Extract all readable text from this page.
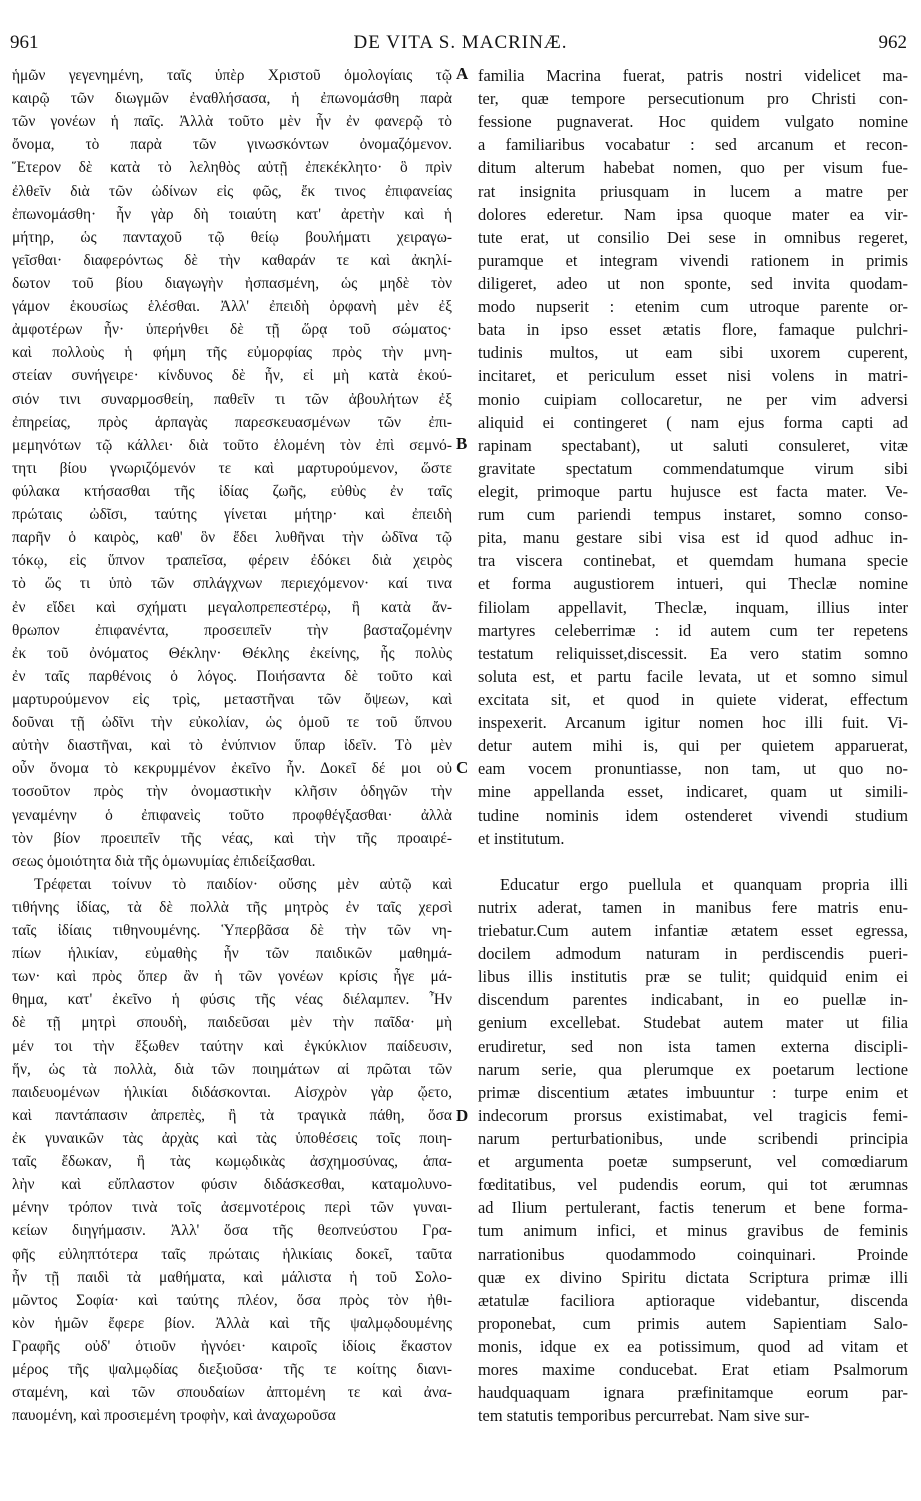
961	DE VITA S. MACRINÆ.	962
ἡμῶν γεγενημένη, ταῖς ὑπὲρ Χριστοῦ ὁμολογίαις τῷ
καιρῷ τῶν διωγμῶν ἐναθλήσασα, ἡ ἐπωνομάσθη παρὰ
τῶν γονέων ἡ παῖς. Ἀλλὰ τοῦτο μὲν ἦν ἐν φανερῷ τὸ
ὄνομα, τὸ παρὰ τῶν γινωσκόντων ὀνομαζόμενον.
Ἕτερον δὲ κατὰ τὸ λεληθὸς αὐτῇ ἐπεκέκλητο· ὃ πρὶν
ἐλθεῖν διὰ τῶν ὠδίνων εἰς φῶς, ἔκ τινος ἐπιφανείας
ἐπωνομάσθη· ἦν γὰρ δὴ τοιαύτη κατ' ἀρετὴν καὶ ἡ
μήτηρ, ὡς πανταχοῦ τῷ θείῳ βουλήματι χειραγω-
γεῖσθαι· διαφερόντως δὲ τὴν καθαράν τε καὶ ἀκηλί-
δωτον τοῦ βίου διαγωγὴν ἠσπασμένη, ὡς μηδὲ τὸν
γάμον ἑκουσίως ἑλέσθαι. Ἀλλ' ἐπειδὴ ὀρφανὴ μὲν ἐξ
ἀμφοτέρων ἦν· ὑπερήνθει δὲ τῇ ὥρᾳ τοῦ σώματος·
καὶ πολλοὺς ἡ φήμη τῆς εὐμορφίας πρὸς τὴν μνη-
στείαν συνήγειρε· κίνδυνος δὲ ἦν, εἰ μὴ κατὰ ἑκού-
σιόν τινι συναρμοσθείη, παθεῖν τι τῶν ἀβουλήτων ἐξ
ἐπηρείας, πρὸς ἁρπαγὰς παρεσκευασμένων τῶν ἐπι-
μεμηνότων τῷ κάλλει· διὰ τοῦτο ἑλομένη τὸν ἐπὶ σεμνό-
τητι βίου γνωριζόμενόν τε καὶ μαρτυρούμενον, ὥστε
φύλακα κτήσασθαι τῆς ἰδίας ζωῆς, εὐθὺς ἐν ταῖς
πρώταις ὠδῖσι, ταύτης γίνεται μήτηρ· καὶ ἐπειδὴ
παρῆν ὁ καιρὸς, καθ' ὃν ἔδει λυθῆναι τὴν ὠδῖνα τῷ
τόκῳ, εἰς ὕπνον τραπεῖσα, φέρειν ἐδόκει διὰ χειρὸς
τὸ ὥς τι ὑπὸ τῶν σπλάγχνων περιεχόμενον· καί τινα
ἐν εἴδει καὶ σχήματι μεγαλοπρεπεστέρῳ, ἢ κατὰ ἄν-
θρωπον ἐπιφανέντα, προσειπεῖν τὴν βασταζομένην
ἐκ τοῦ ὀνόματος Θέκλην· Θέκλης ἐκείνης, ἧς πολὺς
ἐν ταῖς παρθένοις ὁ λόγος. Ποιήσαντα δὲ τοῦτο καὶ
μαρτυρούμενον εἰς τρὶς, μεταστῆναι τῶν ὄψεων, καὶ
δοῦναι τῇ ὠδῖνι τὴν εὐκολίαν, ὡς ὁμοῦ τε τοῦ ὕπνου
αὐτὴν διαστῆναι, καὶ τὸ ἐνύπνιον ὕπαρ ἰδεῖν. Τὸ μὲν
οὖν ὄνομα τὸ κεκρυμμένον ἐκεῖνο ἦν. Δοκεῖ δέ μοι οὐ
τοσοῦτον πρὸς τὴν ὀνομαστικὴν κλῆσιν ὁδηγῶν τὴν
γεναμένην ὁ ἐπιφανεὶς τοῦτο προφθέγξασθαι· ἀλλὰ
τὸν βίον προειπεῖν τῆς νέας, καὶ τὴν τῆς προαιρέ-
σεως ὁμοιότητα διὰ τῆς ὁμωνυμίας ἐπιδείξασθαι.
Τρέφεται τοίνυν τὸ παιδίον· οὔσης μὲν αὐτῷ καὶ
τιθήνης ἰδίας, τὰ δὲ πολλὰ τῆς μητρὸς ἐν ταῖς χερσὶ
ταῖς ἰδίαις τιθηνουμένης. Ὑπερβᾶσα δὲ τὴν τῶν νη-
πίων ἡλικίαν, εὐμαθὴς ἦν τῶν παιδικῶν μαθημά-
των· καὶ πρὸς ὅπερ ἂν ἡ τῶν γονέων κρίσις ἦγε μά-
θημα, κατ' ἐκεῖνο ἡ φύσις τῆς νέας διέλαμπεν. Ἦν
δὲ τῇ μητρὶ σπουδὴ, παιδεῦσαι μὲν τὴν παῖδα· μὴ
μέν τοι τὴν ἔξωθεν ταύτην καὶ ἐγκύκλιον παίδευσιν,
ἥν, ὡς τὰ πολλὰ, διὰ τῶν ποιημάτων αἱ πρῶται τῶν
παιδευομένων ἡλικίαι διδάσκονται. Αἰσχρὸν γὰρ ᾤετο,
καὶ παντάπασιν ἀπρεπὲς, ἢ τὰ τραγικὰ πάθη, ὅσα
ἐκ γυναικῶν τὰς ἀρχὰς καὶ τὰς ὑποθέσεις τοῖς ποιη-
ταῖς ἔδωκαν, ἢ τὰς κωμῳδικὰς ἀσχημοσύνας, ἁπα-
λὴν καὶ εὔπλαστον φύσιν διδάσκεσθαι, καταμολυνο-
μένην τρόπον τινὰ τοῖς ἀσεμνοτέροις περὶ τῶν γυναι-
κείων διηγήμασιν. Ἀλλ' ὅσα τῆς θεοπνεύστου Γρα-
φῆς εὐληπτότερα ταῖς πρώταις ἡλικίαις δοκεῖ, ταῦτα
ἦν τῇ παιδὶ τὰ μαθήματα, καὶ μάλιστα ἡ τοῦ Σολο-
μῶντος Σοφία· καὶ ταύτης πλέον, ὅσα πρὸς τὸν ἠθι-
κὸν ἡμῶν ἔφερε βίον. Ἀλλὰ καὶ τῆς ψαλμῳδουμένης
Γραφῆς οὐδ' ὁτιοῦν ἠγνόει· καιροῖς ἰδίοις ἕκαστον
μέρος τῆς ψαλμῳδίας διεξιοῦσα· τῆς τε κοίτης διανι-
σταμένη, καὶ τῶν σπουδαίων ἀπτομένη τε καὶ ἀνα-
παυομένη, καὶ προσιεμένη τροφὴν, καὶ ἀναχωροῦσα
familia Macrina fuerat, patris nostri videlicet ma-
ter, quæ tempore persecutionum pro Christi con-
fessione pugnaverat. Hoc quidem vulgato nomine
a familiaribus vocabatur : sed arcanum et recon-
ditum alterum habebat nomen, quo per visum fue-
rat insignita priusquam in lucem a matre per
dolores ederetur. Nam ipsa quoque mater ea vir-
tute erat, ut consilio Dei sese in omnibus regeret,
puramque et integram vivendi rationem in primis
diligeret, adeo ut non sponte, sed invita quodam-
modo nupserit : etenim cum utroque parente or-
bata in ipso esset ætatis flore, famaque pulchri-
tudinis multos, ut eam sibi uxorem cuperent,
incitaret, et periculum esset nisi volens in matri-
monio cuipiam collocaretur, ne per vim adversi
aliquid ei contingeret ( nam ejus forma capti ad
rapinam spectabant), ut saluti consuleret, vitæ
gravitate spectatum commendatumque virum sibi
elegit, primoque partu hujusce est facta mater. Ve-
rum cum pariendi tempus instaret, somno conso-
pita, manu gestare sibi visa est id quod adhuc in-
tra viscera continebat, et quemdam humana specie
et forma augustiorem intueri, qui Theclæ nomine
filiolam appellavit, Theclæ, inquam, illius inter
martyres celeberrimæ : id autem cum ter repetens
testatum reliquisset,discessit. Ea vero statim somno
soluta est, et partu facile levata, ut et somno simul
excitata sit, et quod in quiete viderat, effectum
inspexerit. Arcanum igitur nomen hoc illi fuit. Vi-
detur autem mihi is, qui per quietem apparuerat,
eam vocem pronuntiasse, non tam, ut quo no-
mine appellanda esset, indicaret, quam ut simili-
tudine nominis idem ostenderet vivendi studium
et institutum.
Educatur ergo puellula et quanquam propria illi
nutrix aderat, tamen in manibus fere matris enu-
triebatur.Cum autem infantiæ ætatem esset egressa,
docilem admodum naturam in perdiscendis pueri-
libus illis institutis præ se tulit; quidquid enim ei
discendum parentes indicabant, in eo puellæ in-
genium excellebat. Studebat autem mater ut filia
erudiretur, sed non ista tamen externa discipli-
narum serie, qua plerumque ex poetarum lectione
primæ discentium ætates imbuuntur : turpe enim et
indecorum prorsus existimabat, vel tragicis femi-
narum perturbationibus, unde scribendi principia
et argumenta poetæ sumpserunt, vel comœdiarum
fœditatibus, vel pudendis eorum, qui tot ærumnas
ad Ilium pertulerant, factis tenerum et bene forma-
tum animum infici, et minus gravibus de feminis
narrationibus quodammodo coinquinari. Proinde
quæ ex divino Spiritu dictata Scriptura primæ illi
ætatulæ faciliora aptioraque videbantur, discenda
proponebat, cum primis autem Sapientiam Salo-
monis, idque ex ea potissimum, quod ad vitam et
mores maxime conducebat. Erat etiam Psalmorum
haudquaquam ignara præfinitamque eorum par-
tem statutis temporibus percurrebat. Nam sive sur-
A
B
C
D
